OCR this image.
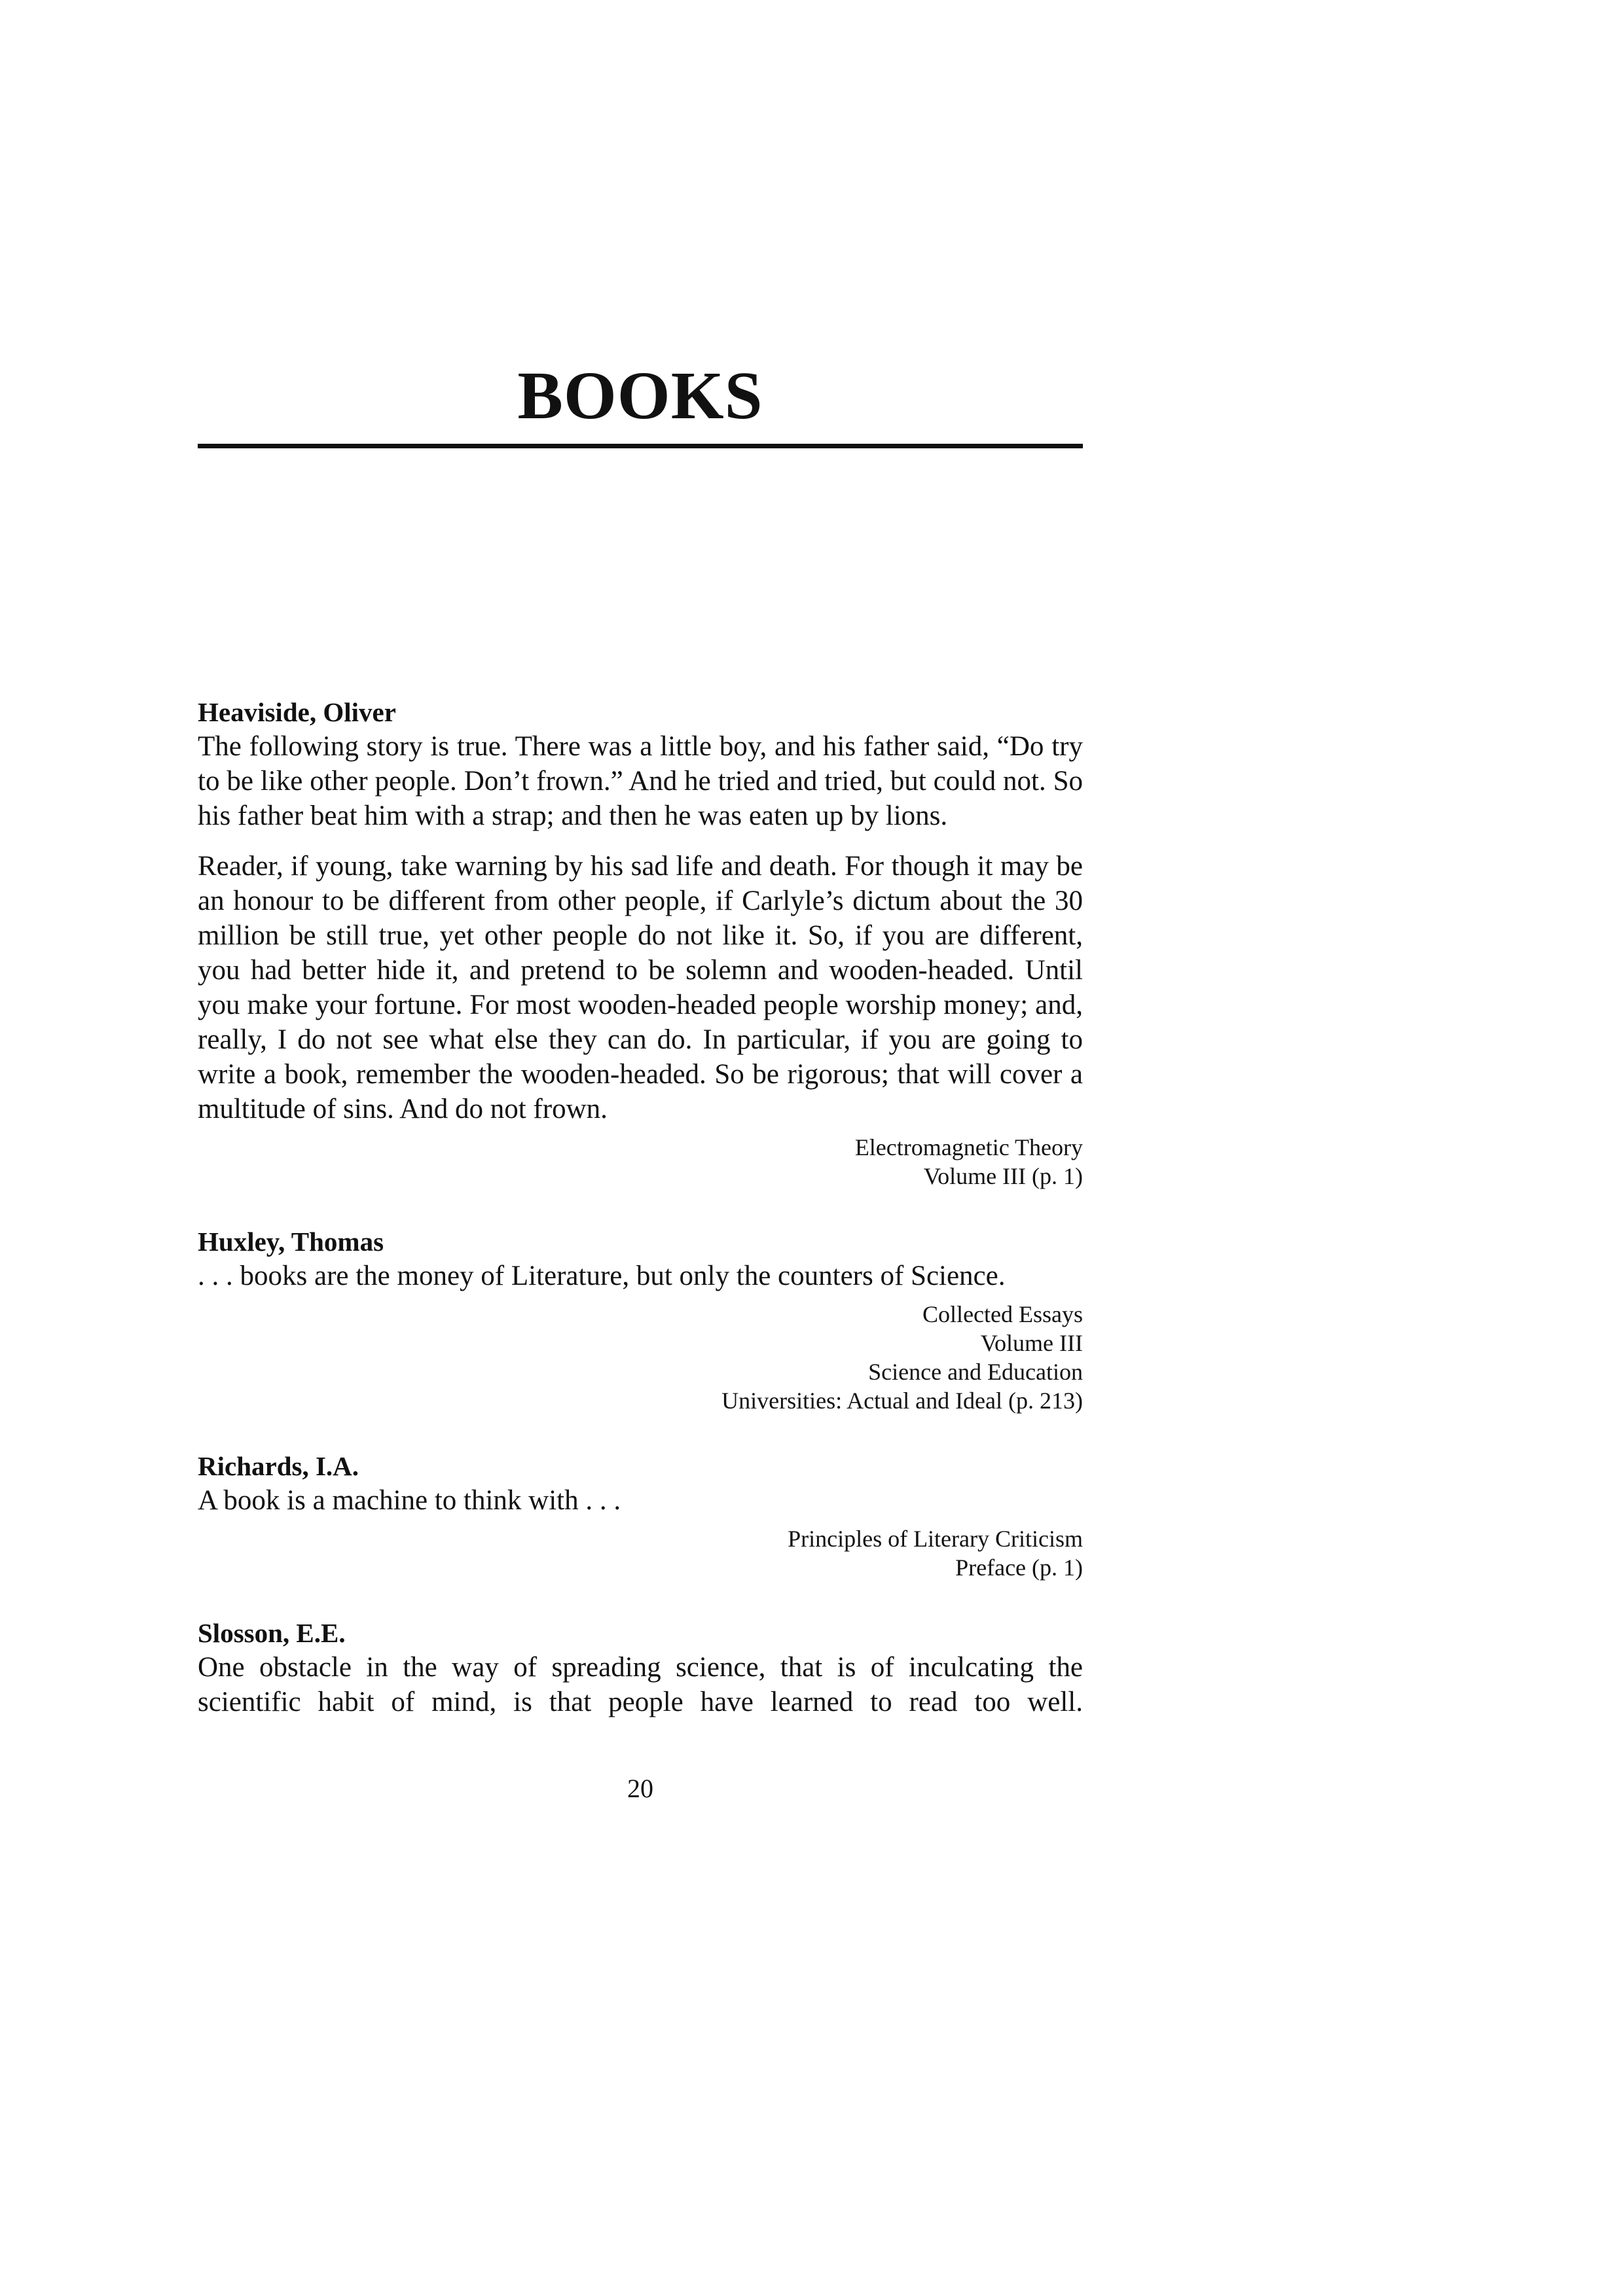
BOOKS

Heaviside, Oliver

The following story is true. There was a little boy, and his father said, “Do try to be like other people. Don’t frown.” And he tried and tried, but could not. So his father beat him with a strap; and then he was eaten up by lions.

Reader, if young, take warning by his sad life and death. For though it may be an honour to be different from other people, if Carlyle’s dictum about the 30 million be still true, yet other people do not like it. So, if you are different, you had better hide it, and pretend to be solemn and wooden-headed. Until you make your fortune. For most wooden-headed people worship money; and, really, I do not see what else they can do. In particular, if you are going to write a book, remember the wooden-headed. So be rigorous; that will cover a multitude of sins. And do not frown.

Electromagnetic Theory

Volume III (p. 1)

Huxley, Thomas

. . . books are the money of Literature, but only the counters of Science.

Collected Essays

Volume III

Science and Education

Universities: Actual and Ideal (p. 213)

Richards, I.A.

A book is a machine to think with . . .

Principles of Literary Criticism

Preface (p. 1)

Slosson, E.E.

One obstacle in the way of spreading science, that is of inculcating the scientific habit of mind, is that people have learned to read too well.

20
